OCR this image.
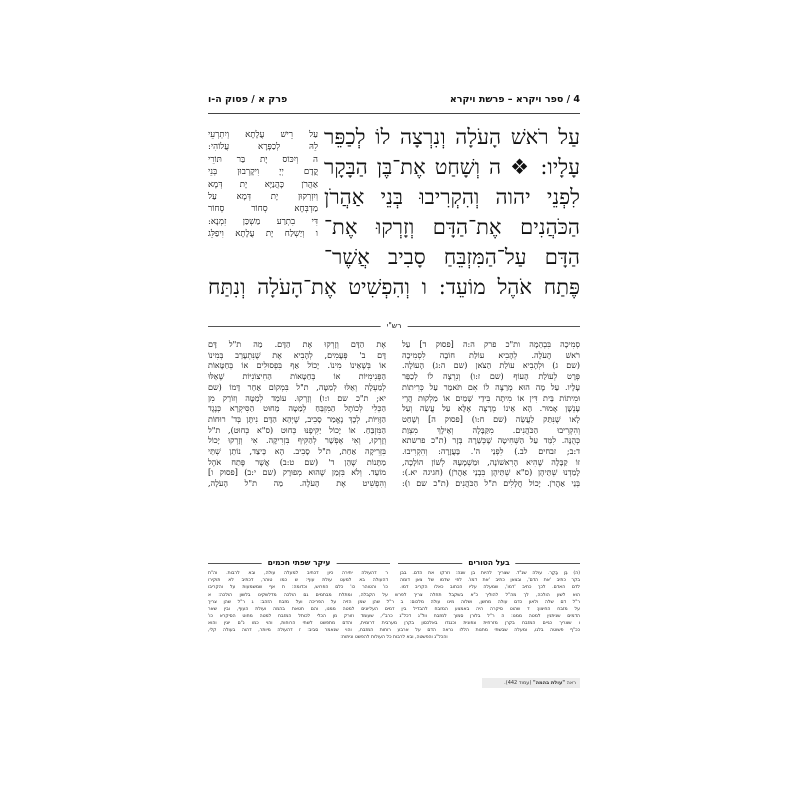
4 / ספר ויקרא – פרשת ויקרא
פרק א / פסוק ה-ו
עַל רֹאשׁ הָעֹלָה וְנִרְצָה לוֹ לְכַפֵּר
עָלָיו: ❖ ה וְשָׁחַט אֶת־בֶּן הַבָּקָר
לִפְנֵי יהוה וְהִקְרִיבוּ בְּנֵי אַהֲרֹן
הַכֹּהֲנִים אֶת־הַדָּם וְזָרְקוּ אֶת־
הַדָּם עַל־הַמִּזְבֵּחַ סָבִיב אֲשֶׁר־
פֶּתַח אֹהֶל מוֹעֵד: ו וְהִפְשִׁיט אֶת־הָעֹלָה וְנִתַּח
עַל רֵישׁ עֲלָתָא וְיִתְרְעֵי
לֵהּ לְכַפָּרָא עֲלוֹהִי:
ה וְיִכּוֹס יָת בַּר תּוֹרֵי
קֳדָם יְיָ וִיקָרְבוּן בְּנֵי
אַהֲרֹן כָּהֲנַיָּא יָת דְּמָא
וְיִזְרְקוּן יָת דְּמָא עַל
מַדְבְּחָא סְחוֹר סְחוֹר
דִּי בִתְרַע מַשְׁכַּן זִמְנָא:
ו וְיַשְׁלַח יָת עֲלָתָא וִיפַלֵּג
רש"י
סְמִיכָה בִּבְהֵמָה ות"כ פרק ה:ה [פסוק ד] עַל
רֹאשׁ הָעֹלָה. לְהָבִיא עוֹלַת חוֹבָה לִסְמִיכָה
(שם ג) וּלְהָבִיא עוֹלַת הַצֹּאן (שם ה:ג) הָעוֹלָה.
פְּרָט לְעוֹלַת הָעוֹף (שם ז:ו) וְנִרְצָה לוֹ לְכַפֵּר
עָלָיו. עַל מָה הוּא מְרַצֶּה לוֹ אִם תֹּאמַר עַל כְּרִיתוֹת
וּמִיתוֹת בֵּית דִּין אוֹ מִיתָה בִּידֵי שָׁמַיִם אוֹ מַלְקוּת הֲרֵי
עָנְשָׁן אָמוּר. הָא אֵינוֹ מְרַצֶּה אֶלָּא עַל עֲשֵׂה וְעַל
לָאו שֶׁנִּתַּק לַעֲשֵׂה (שם ח:ו) [פסוק ה] וְשָׁחַט
וְהִקְרִיבוּ הַכֹּהֲנִים. מִקַּבָּלָה וְאֵילָךְ מִצְוַת
כְּהֻנָּה. לִמֵּד עַל הַשְּׁחִיטָה שֶׁכְּשֵׁרָה בְּזָר (ת"כ פרשתא
ד:ב; זבחים לב.) לִפְנֵי ה'. בָּעֲזָרָה: וְהִקְרִיבוּ.
זוֹ קַבָּלָה שֶׁהִיא הָרִאשׁוֹנָה, וּמַשְׁמָעָהּ לְשׁוֹן הוֹלָכָה,
לָמַדְנוּ שְׁתֵּיהֶן (ס"א שְׁתֵּיהֶן בִּבְנֵי אַהֲרֹן) (חגיגה יא.):
בְּנֵי אַהֲרֹן. יָכוֹל חֲלָלִים ת"ל הַכֹּהֲנִים (ת"כ שם ו):
אֶת הַדָּם וְזָרְקוּ אֶת הַדָּם. מַה ת"ל דָּם
דָּם ב' פְּעָמִים, לְהָבִיא אֶת שֶׁנִּתְעָרֵב בְּמִינוֹ
אוֹ בְּשֶׁאֵינוֹ מִינוֹ. יָכוֹל אַף בִּפְסוּלִים אוֹ בְּחַטָּאוֹת
הַפְּנִימִיּוֹת אוֹ בְּחַטָּאוֹת הַחִיצוֹנִיּוֹת שֶׁאֵלּוּ
לְמַעְלָה וְאֵלּוּ לְמַטָּה, ת"ל בִּמְקוֹם אַחֵר דָּמוֹ (שם
יא; ת"כ שם ו:ו) וְזָרְקוּ. עוֹמֵד לְמַטָּה וְזוֹרֵק מִן
הַכְּלִי לְכוֹתֶל הַמִּזְבֵּחַ לְמַטָּה מֵחוּט הַסִּיקְרָא כְּנֶגֶד
הַזָּוִיּוֹת, לְכָךְ נֶאֱמַר סָבִיב, שֶׁיְּהֵא הַדָּם נִיתָּן בְּד' רוּחוֹת
הַמִּזְבֵּחַ. אוֹ יָכוֹל יַקִּיפֶנּוּ כְּחוּט (ס"א כְּחוּט), ת"ל
וְזָרְקוּ, וְאִי אֶפְשָׁר לְהַקִּיף בִּזְרִיקָה. אִי וְזָרְקוּ יָכוֹל
בִּזְרִיקָה אַחַת, ת"ל סָבִיב. הָא כֵּיצַד, נוֹתֵן שְׁתֵּי
מַתָּנוֹת שֶׁהֵן ד' (שם ט:ב) אֲשֶׁר פֶּתַח אֹהֶל
מוֹעֵד. וְלֹא בִּזְמַן שֶׁהוּא מְפוּרָק (שם י:ב) [פסוק ו]
וְהִפְשִׁיט אֶת הָעֹלָה. מַה ת"ל הָעֹלָה,
בעל הטורים
עיקר שפתי חכמים
(ה) בֶּן בָּקָר. עולה שנ"ד. שצריך להיות בן שנה: וזרקו את הדם. בבן
בקר כתיב 'את הדם', ובצאן כתיב 'את דמו'. לפי שדמו של צאן דומה
לדם האדם. לכך כתיב 'דמו', שמעלה עליו הכתוב כאלו הקריב דמו.
ר דהעולה יתירה כיון דכתיב למעלה עולה, ובא לרבות. וה"ת
דהעולה בא למעט עולת עוף: ש כמו טוהר, דכתיב לא תוקירו
כו' והטוהר כו' כלם הפרוש, וכדומה: ת אף שמשמעות על והקריבו
הוא לשון הולכה, לך מה"ל להוליך כ"א בשקבל תחלה צריך לפרש על הקבלה, ומתלת מבתמים גם הולכה מדלשקינו בלשון הולכה: א
ר"ל דם שלה ולאון כדם עולה מחשן, ושלוה מינו עולה מלכום: ב ר"ל שהן שמן הזיה על הפריכה ועל מזבח הזהב: ג ר"ל שהן צריך
על מזבח החיצון: ד שהוט סיקרה היה באמצע המזבח להבדיל בין דמים העליונים למטה ממנו, והם חטאת בהמה ועולת העוף, ובין שאר
הדמים שניתנין למטה ממנו: ה ר"ל בלורן סמוך למזבח וול"ג דכל"ג כרב"י, שעומד וזורק מן הכלי לכותל המזבח למטה מחוט הסיקרא כו'
ו שצריך כגיים המזבח בקרן מזרחית צפונית וכנגדו באלכסון בקרן מערבית דרומית, והדם מתפשט לשתי הרוחות, והוי כמו נ"ם יוגין והוא
ככ"ף פשוטה בלגו, ומעלה שבשתי מתנות הללו נראה הדם על ארבע רוחות המזבח, והוי שנאמר סביב: ז דהעולה מיותר, דהוה בעולה קלי,
והכל"ג והפשטה, ובא לרבות כל העולות להפשט וניתוח:
ראה "עולת בהמה" (עמוד 442).
